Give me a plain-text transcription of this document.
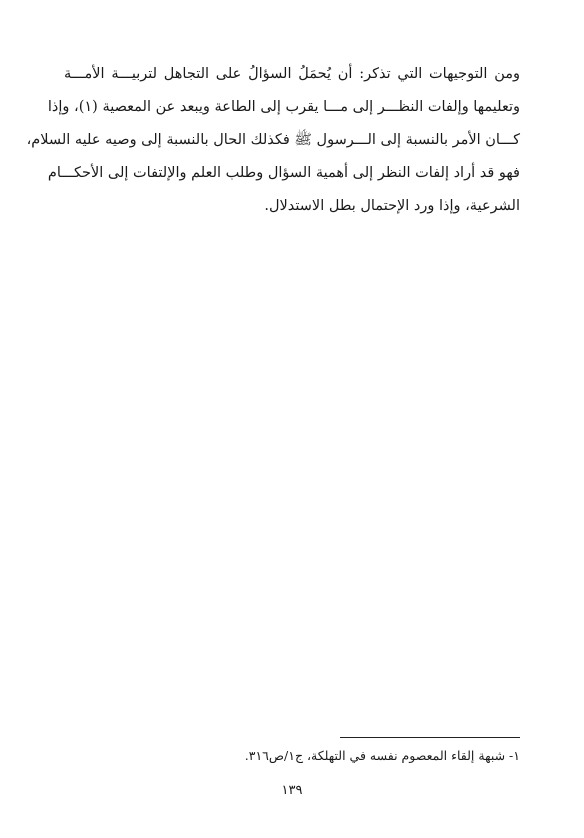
ومن التوجيهات التي تذكر: أن يُحمَلُ السؤالُ على التجاهل لتربيـــة الأمـــة
وتعليمها وإلفات النظـــر إلى مـــا يقرب إلى الطاعة ويبعد عن المعصية (١)، وإذا
كـــان الأمر بالنسبة إلى الـــرسول ﷺ فكذلك الحال بالنسبة إلى وصيه عليه السلام،
فهو قد أراد إلفات النظر إلى أهمية السؤال وطلب العلم والإلتفات إلى الأحكـــام
الشرعية، وإذا ورد الإحتمال بطل الاستدلال.
١- شبهة إلقاء المعصوم نفسه في التهلكة، ج١/ص٣١٦.
١٣٩
